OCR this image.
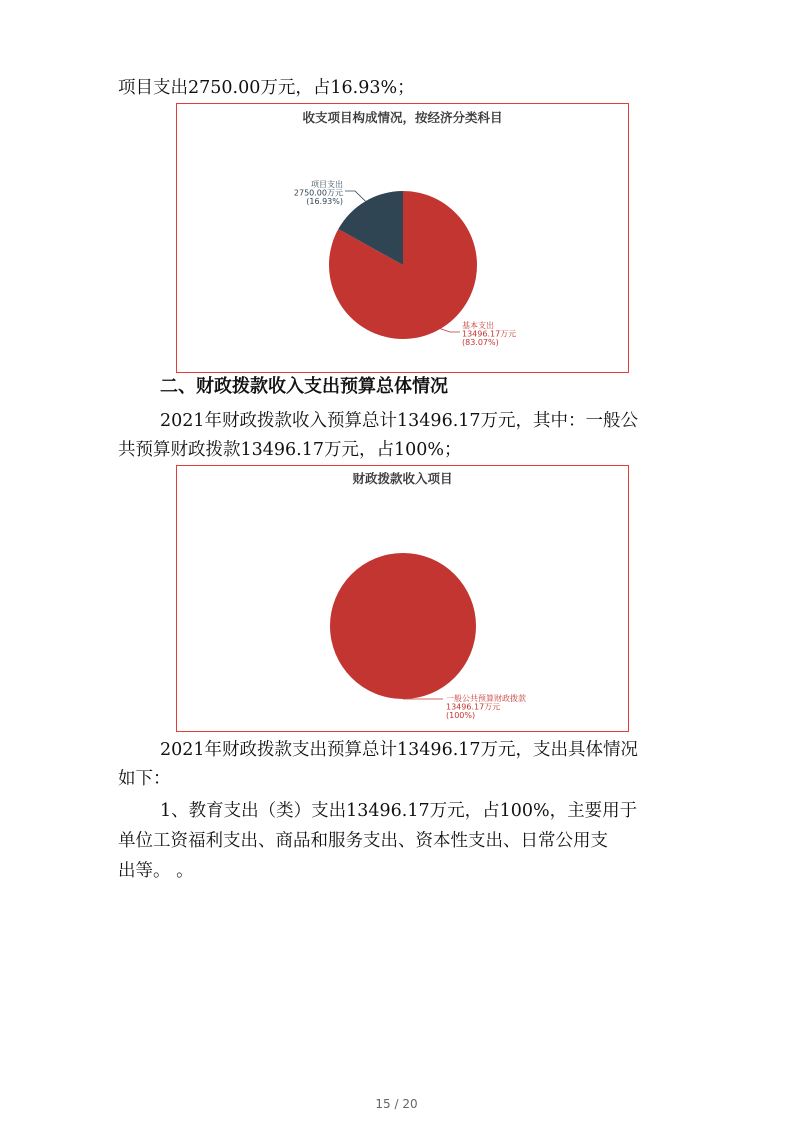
项目支出2750.00万元，占16.93%；
收支项目构成情况，按经济分类科目
基本支出
13496.17万元
(83.07%)
项目支出
2750.00万元
(16.93%)
二、财政拨款收入支出预算总体情况
2021年财政拨款收入预算总计13496.17万元，其中：一般公
共预算财政拨款13496.17万元，占100%；
财政拨款收入项目
一般公共预算财政拨款
13496.17万元
(100%)
2021年财政拨款支出预算总计13496.17万元，支出具体情况
如下：
1、教育支出（类）支出13496.17万元，占100%，主要用于
单位工资福利支出、商品和服务支出、资本性支出、日常公用支
出等。 。
15 / 20
